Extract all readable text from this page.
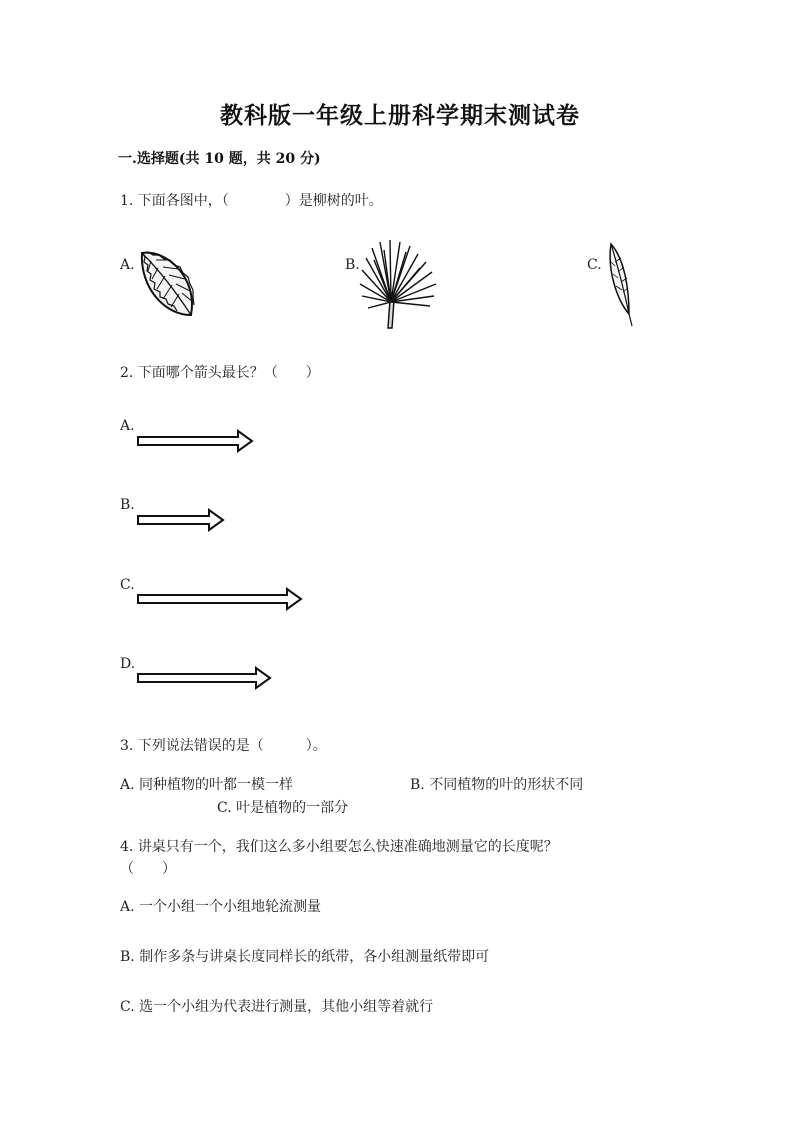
教科版一年级上册科学期末测试卷
一.选择题(共 10 题，共 20 分)
1. 下面各图中，（　　　　）是柳树的叶。
A.	B.	C.
2. 下面哪个箭头最长？（　　）
A.
B.
C.
D.
3. 下列说法错误的是（　　　）。
A. 同种植物的叶都一模一样	B. 不同植物的叶的形状不同
C. 叶是植物的一部分
4. 讲桌只有一个，我们这么多小组要怎么快速准确地测量它的长度呢？
（　　）
A. 一个小组一个小组地轮流测量
B. 制作多条与讲桌长度同样长的纸带，各小组测量纸带即可
C. 选一个小组为代表进行测量，其他小组等着就行
